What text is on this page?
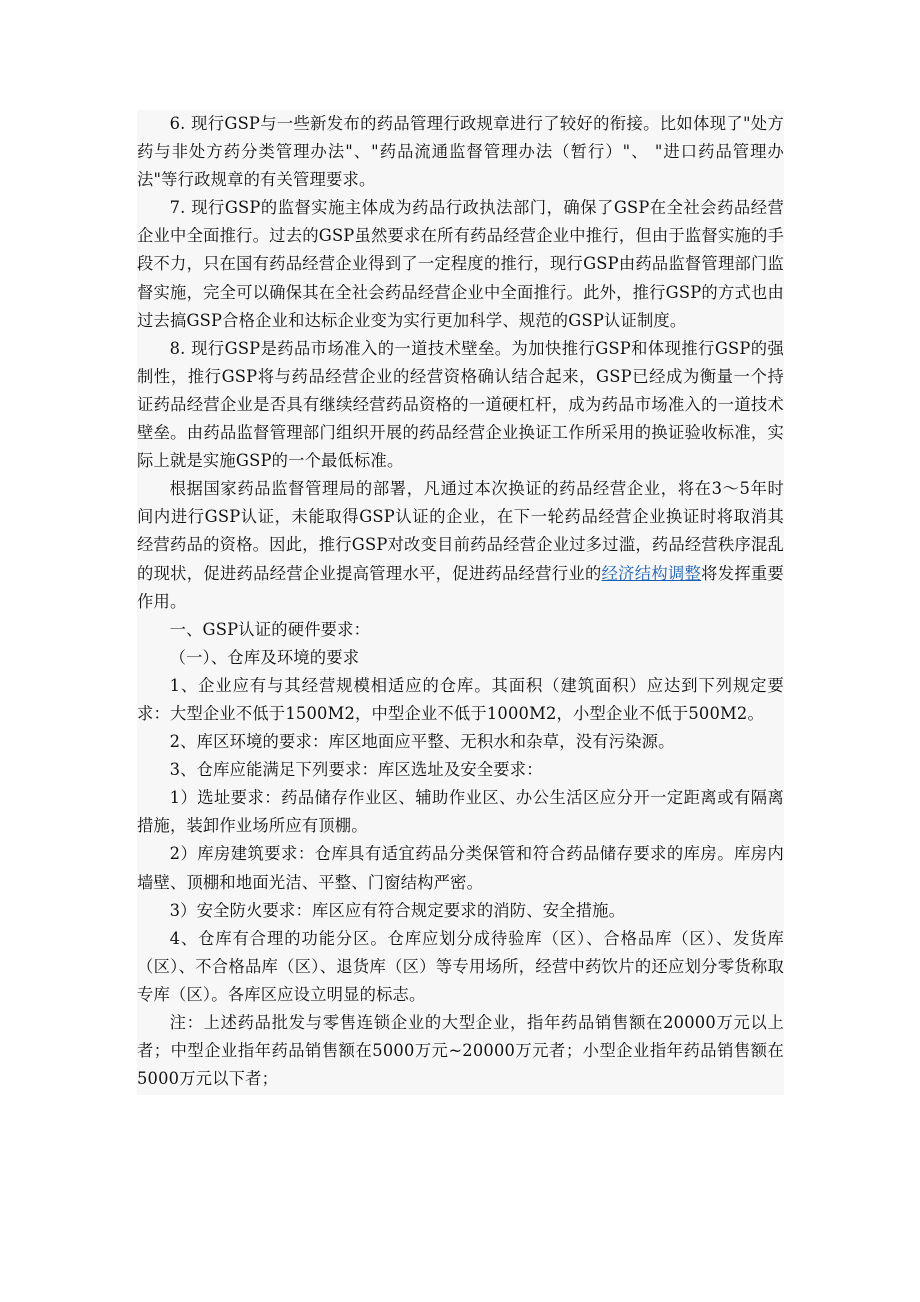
6. 现行GSP与一些新发布的药品管理行政规章进行了较好的衔接。比如体现了"处方药与非处方药分类管理办法"、"药品流通监督管理办法（暂行）"、 "进口药品管理办法"等行政规章的有关管理要求。

7. 现行GSP的监督实施主体成为药品行政执法部门，确保了GSP在全社会药品经营企业中全面推行。过去的GSP虽然要求在所有药品经营企业中推行，但由于监督实施的手段不力，只在国有药品经营企业得到了一定程度的推行，现行GSP由药品监督管理部门监督实施，完全可以确保其在全社会药品经营企业中全面推行。此外，推行GSP的方式也由过去搞GSP合格企业和达标企业变为实行更加科学、规范的GSP认证制度。

8. 现行GSP是药品市场准入的一道技术壁垒。为加快推行GSP和体现推行GSP的强制性，推行GSP将与药品经营企业的经营资格确认结合起来，GSP已经成为衡量一个持证药品经营企业是否具有继续经营药品资格的一道硬杠杆，成为药品市场准入的一道技术壁垒。由药品监督管理部门组织开展的药品经营企业换证工作所采用的换证验收标准，实际上就是实施GSP的一个最低标准。

根据国家药品监督管理局的部署，凡通过本次换证的药品经营企业，将在3～5年时间内进行GSP认证，未能取得GSP认证的企业，在下一轮药品经营企业换证时将取消其经营药品的资格。因此，推行GSP对改变目前药品经营企业过多过滥，药品经营秩序混乱的现状，促进药品经营企业提高管理水平，促进药品经营行业的经济结构调整将发挥重要作用。

一、GSP认证的硬件要求：

（一）、仓库及环境的要求

1、企业应有与其经营规模相适应的仓库。其面积（建筑面积）应达到下列规定要求：大型企业不低于1500M2，中型企业不低于1000M2，小型企业不低于500M2。

2、库区环境的要求：库区地面应平整、无积水和杂草，没有污染源。

3、仓库应能满足下列要求：库区选址及安全要求：

1）选址要求：药品储存作业区、辅助作业区、办公生活区应分开一定距离或有隔离措施，装卸作业场所应有顶棚。

2）库房建筑要求：仓库具有适宜药品分类保管和符合药品储存要求的库房。库房内墙壁、顶棚和地面光洁、平整、门窗结构严密。

3）安全防火要求：库区应有符合规定要求的消防、安全措施。

4、仓库有合理的功能分区。仓库应划分成待验库（区）、合格品库（区）、发货库（区）、不合格品库（区）、退货库（区）等专用场所，经营中药饮片的还应划分零货称取专库（区）。各库区应设立明显的标志。

注：上述药品批发与零售连锁企业的大型企业，指年药品销售额在20000万元以上者；中型企业指年药品销售额在5000万元~20000万元者；小型企业指年药品销售额在5000万元以下者；
